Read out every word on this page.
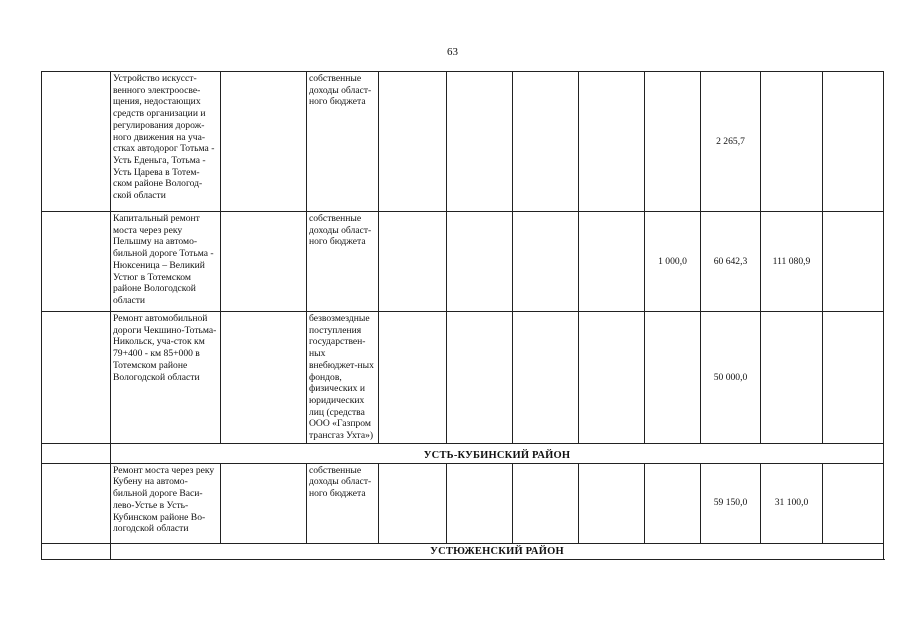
63
	Устройство искусст-венного электроосве-щения, недостающих средств организации и регулирования дорож-ного движения на уча-стках автодорог Тотьма - Усть Еденьга, Тотьма - Усть Царева в Тотем-ском районе Вологод-ской области		собственные доходы област-ного бюджета						2 265,7			
	Капитальный ремонт моста через реку Пельшму на автомо-бильной дороге Тотьма - Нюксеница – Великий Устюг в Тотемском районе Вологодской области		собственные доходы област-ного бюджета					1 000,0	60 642,3	111 080,9		
	Ремонт автомобильной дороги Чекшино-Тотьма-Никольск, уча-сток км 79+400 - км 85+000 в Тотемском районе Вологодской области		безвозмездные поступления государствен-ных внебюджет-ных фондов, физических и юридических лиц (средства ООО «Газпром трансгаз Ухта»)						50 000,0			
	УСТЬ-КУБИНСКИЙ РАЙОН											
	Ремонт моста через реку Кубену на автомо-бильной дороге Васи-лево-Устье в Усть-Кубинском районе Во-логодской области		собственные доходы област-ного бюджета						59 150,0	31 100,0		
	УСТЮЖЕНСКИЙ РАЙОН											
